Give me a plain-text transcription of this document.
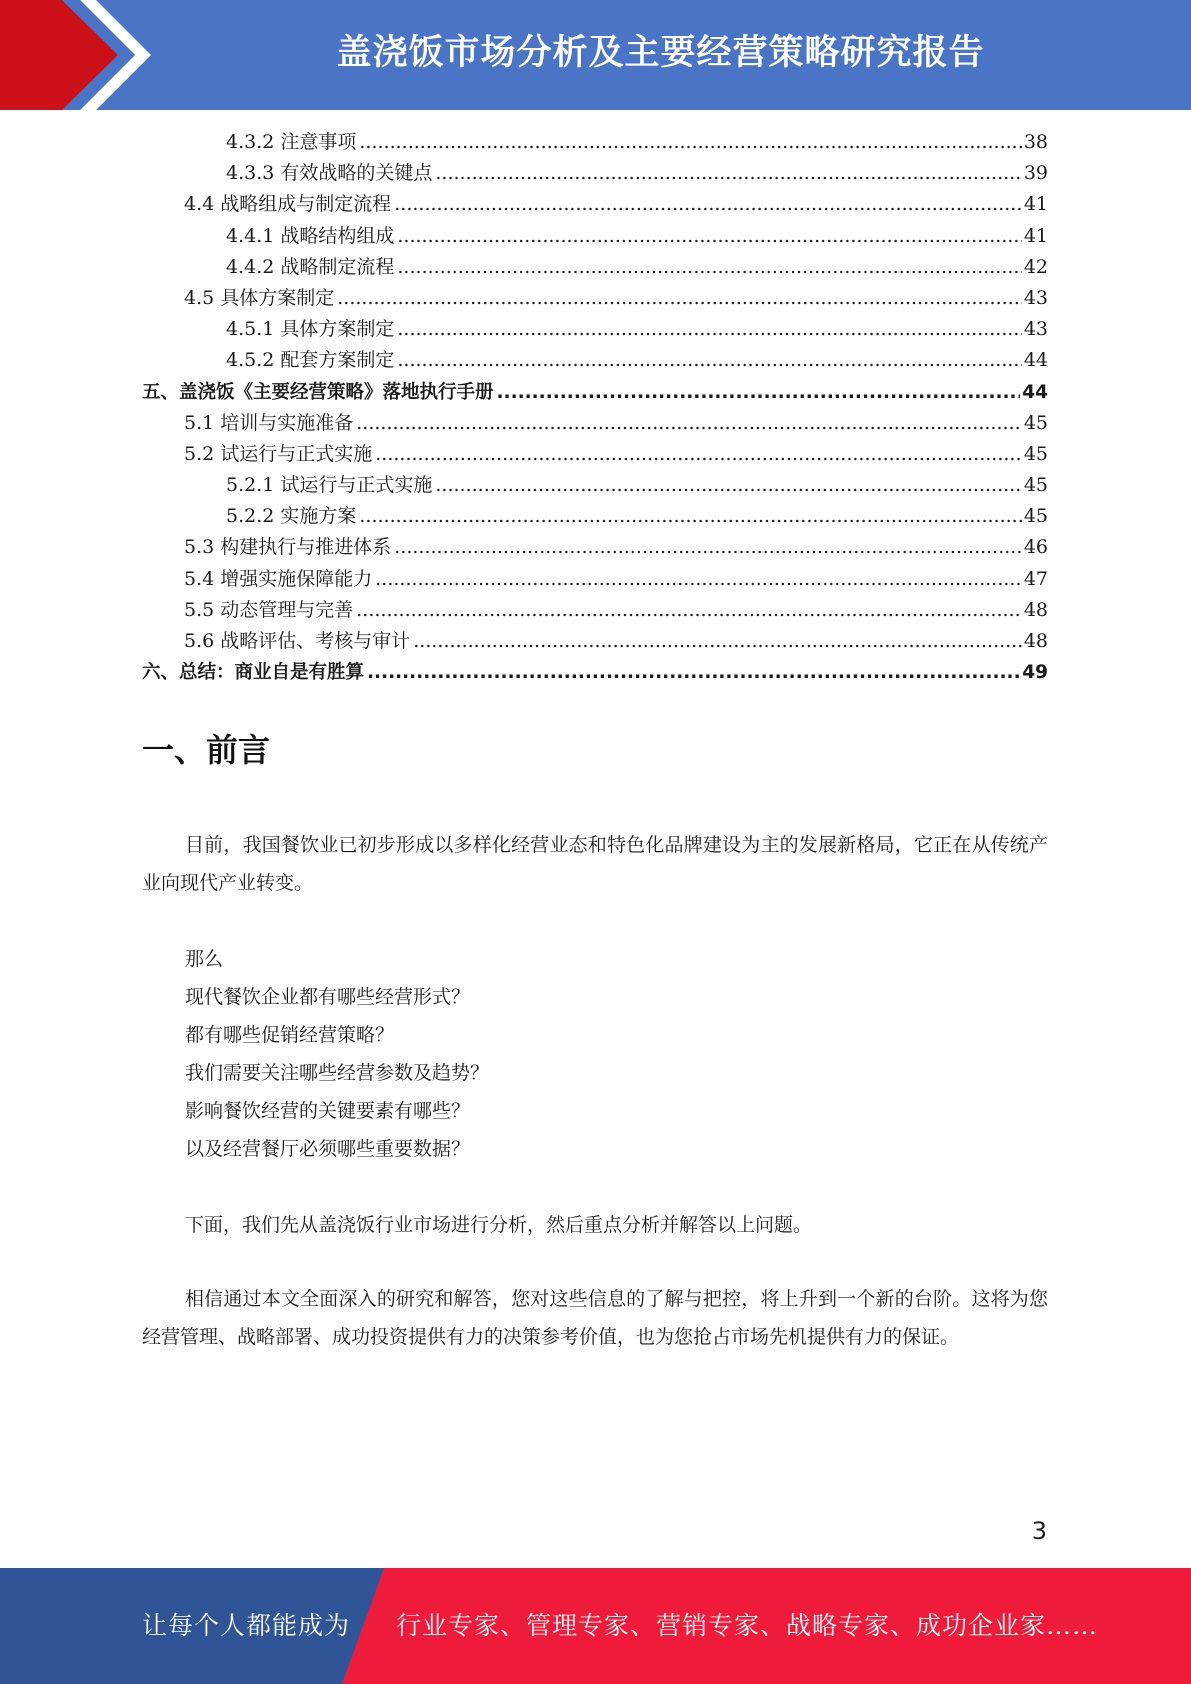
盖浇饭市场分析及主要经营策略研究报告
4.3.2 注意事项 .....	38
4.3.3 有效战略的关键点 .....	39
4.4 战略组成与制定流程 .....	41
4.4.1 战略结构组成 .....	41
4.4.2 战略制定流程 .....	42
4.5 具体方案制定 .....	43
4.5.1 具体方案制定 .....	43
4.5.2 配套方案制定 .....	44
五、盖浇饭《主要经营策略》落地执行手册 .....	44
5.1 培训与实施准备 .....	45
5.2 试运行与正式实施 .....	45
5.2.1 试运行与正式实施 .....	45
5.2.2 实施方案 .....	45
5.3 构建执行与推进体系 .....	46
5.4 增强实施保障能力 .....	47
5.5 动态管理与完善 .....	48
5.6 战略评估、考核与审计 .....	48
六、总结：商业自是有胜算 .....	49
一、前言

目前，我国餐饮业已初步形成以多样化经营业态和特色化品牌建设为主的发展新格局，它正在从传统产业向现代产业转变。

那么
现代餐饮企业都有哪些经营形式？
都有哪些促销经营策略？
我们需要关注哪些经营参数及趋势？
影响餐饮经营的关键要素有哪些？
以及经营餐厅必须哪些重要数据？

下面，我们先从盖浇饭行业市场进行分析，然后重点分析并解答以上问题。

相信通过本文全面深入的研究和解答，您对这些信息的了解与把控，将上升到一个新的台阶。这将为您经营管理、战略部署、成功投资提供有力的决策参考价值，也为您抢占市场先机提供有力的保证。

3
让每个人都能成为 行业专家、管理专家、营销专家、战略专家、成功企业家……
